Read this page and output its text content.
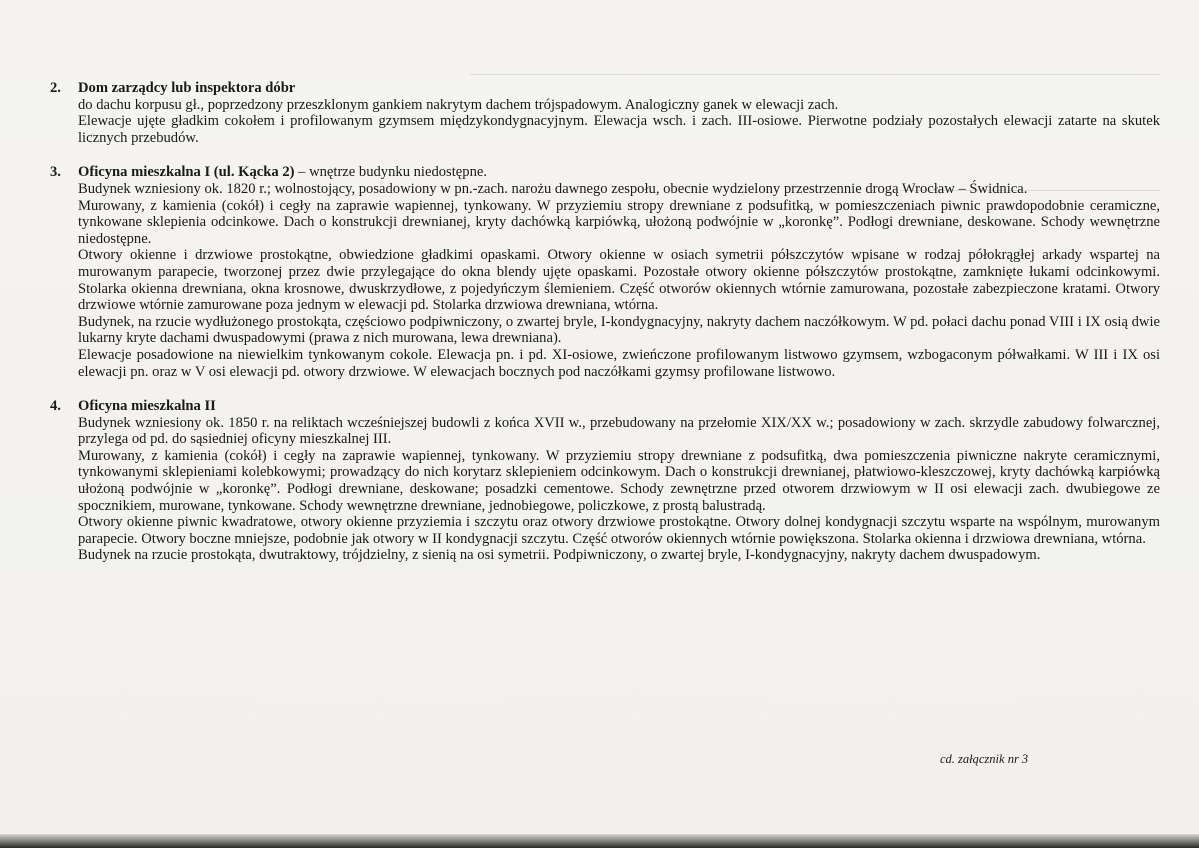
2.	Dom zarządcy lub inspektora dóbr

do dachu korpusu gł., poprzedzony przeszklonym gankiem nakrytym dachem trójspadowym. Analogiczny ganek w elewacji zach.

Elewacje ujęte gładkim cokołem i profilowanym gzymsem międzykondygnacyjnym. Elewacja wsch. i zach. III-osiowe. Pierwotne podziały pozostałych elewacji zatarte na skutek licznych przebudów.

3.	Oficyna mieszkalna I (ul. Kącka 2) – wnętrze budynku niedostępne.

Budynek wzniesiony ok. 1820 r.; wolnostojący, posadowiony w pn.-zach. narożu dawnego zespołu, obecnie wydzielony przestrzennie drogą Wrocław – Świdnica.

Murowany, z kamienia (cokół) i cegły na zaprawie wapiennej, tynkowany. W przyziemiu stropy drewniane z podsufitką, w pomieszczeniach piwnic prawdopodobnie ceramiczne, tynkowane sklepienia odcinkowe. Dach o konstrukcji drewnianej, kryty dachówką karpiówką, ułożoną podwójnie w „koronkę”. Podłogi drewniane, deskowane. Schody wewnętrzne niedostępne.

Otwory okienne i drzwiowe prostokątne, obwiedzione gładkimi opaskami. Otwory okienne w osiach symetrii półszczytów wpisane w rodzaj półokrągłej arkady wspartej na murowanym parapecie, tworzonej przez dwie przylegające do okna blendy ujęte opaskami. Pozostałe otwory okienne półszczytów prostokątne, zamknięte łukami odcinkowymi. Stolarka okienna drewniana, okna krosnowe, dwuskrzydłowe, z pojedyńczym ślemieniem. Część otworów okiennych wtórnie zamurowana, pozostałe zabezpieczone kratami. Otwory drzwiowe wtórnie zamurowane poza jednym w elewacji pd. Stolarka drzwiowa drewniana, wtórna.

Budynek, na rzucie wydłużonego prostokąta, częściowo podpiwniczony, o zwartej bryle, I-kondygnacyjny, nakryty dachem naczółkowym. W pd. połaci dachu ponad VIII i IX osią dwie lukarny kryte dachami dwuspadowymi (prawa z nich murowana, lewa drewniana).

Elewacje posadowione na niewielkim tynkowanym cokole. Elewacja pn. i pd. XI-osiowe, zwieńczone profilowanym listwowo gzymsem, wzbogaconym półwałkami. W III i IX osi elewacji pn. oraz w V osi elewacji pd. otwory drzwiowe. W elewacjach bocznych pod naczółkami gzymsy profilowane listwowo.

4.	Oficyna mieszkalna II

Budynek wzniesiony ok. 1850 r. na reliktach wcześniejszej budowli z końca XVII w., przebudowany na przełomie XIX/XX w.; posadowiony w zach. skrzydle zabudowy folwarcznej, przylega od pd. do sąsiedniej oficyny mieszkalnej III.

Murowany, z kamienia (cokół) i cegły na zaprawie wapiennej, tynkowany. W przyziemiu stropy drewniane z podsufitką, dwa pomieszczenia piwniczne nakryte ceramicznymi, tynkowanymi sklepieniami kolebkowymi; prowadzący do nich korytarz sklepieniem odcinkowym. Dach o konstrukcji drewnianej, płatwiowo-kleszczowej, kryty dachówką karpiówką ułożoną podwójnie w „koronkę”. Podłogi drewniane, deskowane; posadzki cementowe. Schody zewnętrzne przed otworem drzwiowym w II osi elewacji zach. dwubiegowe ze spocznikiem, murowane, tynkowane. Schody wewnętrzne drewniane, jednobiegowe, policzkowe, z prostą balustradą.

Otwory okienne piwnic kwadratowe, otwory okienne przyziemia i szczytu oraz otwory drzwiowe prostokątne. Otwory dolnej kondygnacji szczytu wsparte na wspólnym, murowanym parapecie. Otwory boczne mniejsze, podobnie jak otwory w II kondygnacji szczytu. Część otworów okiennych wtórnie powiększona. Stolarka okienna i drzwiowa drewniana, wtórna.

Budynek na rzucie prostokąta, dwutraktowy, trójdzielny, z sienią na osi symetrii. Podpiwniczony, o zwartej bryle, I-kondygnacyjny, nakryty dachem dwuspadowym.

cd. załącznik nr 3
